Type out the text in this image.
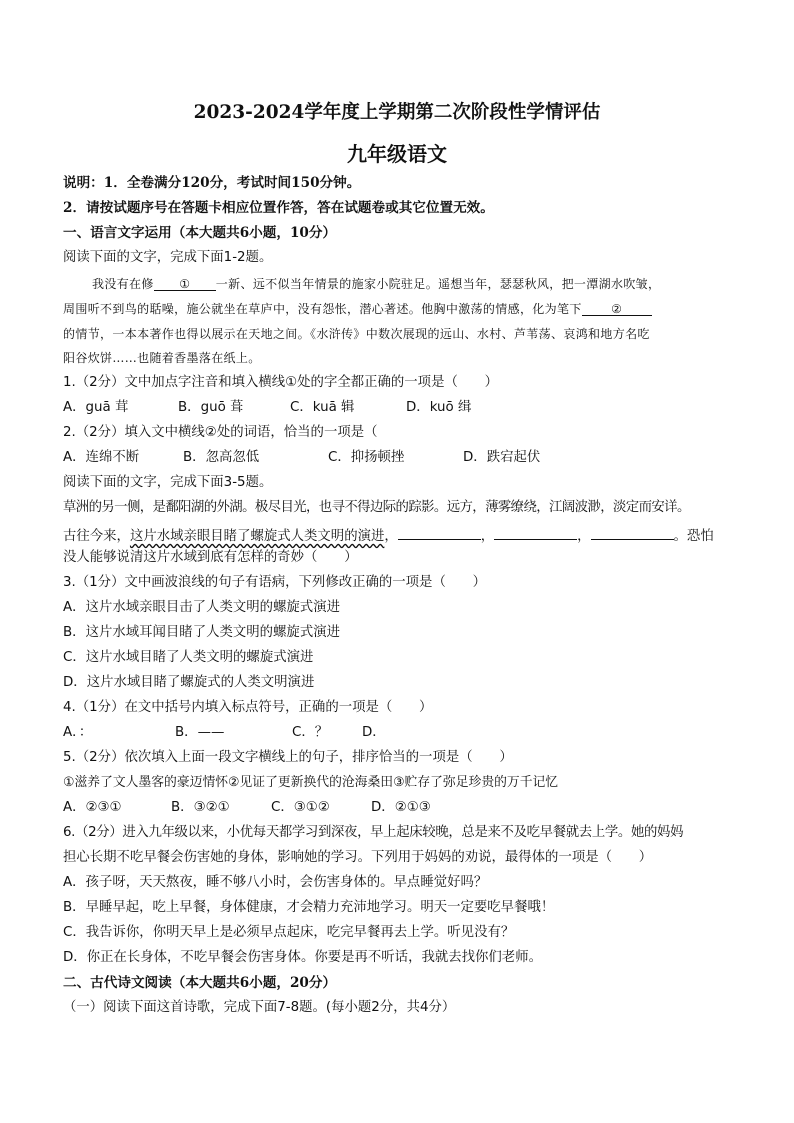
2023-2024学年度上学期第二次阶段性学情评估
九年级语文
说明：1．全卷满分120分，考试时间150分钟。
2．请按试题序号在答题卡相应位置作答，答在试题卷或其它位置无效。
一、语言文字运用（本大题共6小题，10分）
阅读下面的文字，完成下面1-2题。
我没有在修 ① 一新、远不似当年情景的施家小院驻足。遥想当年，瑟瑟秋风，把一潭湖水吹皱，
周围听不到鸟的聒噪，施公就坐在草庐中，没有怨怅，潜心著述。他胸中激荡的情感，化为笔下 ②
的情节，一本本著作也得以展示在天地之间。《水浒传》中数次展现的远山、水村、芦苇荡、哀鸿和地方名吃
阳谷炊饼……也随着香墨落在纸上。
1.（2分）文中加点字注音和填入横线①处的字全都正确的一项是（　　）
A．guā 茸	B．guō 葺	C．kuā 辑	D．kuō 缉
2.（2分）填入文中横线②处的词语，恰当的一项是（
A．连绵不断	B．忽高忽低	C．抑扬顿挫	D．跌宕起伏
阅读下面的文字，完成下面3-5题。
草洲的另一侧，是鄱阳湖的外湖。极尽目光，也寻不得边际的踪影。远方，薄雾缭绕，江阔波渺，淡定而安详。
古往今来，这片水域亲眼目睹了螺旋式人类文明的演进，	，	，	。恐怕
没人能够说清这片水域到底有怎样的奇妙（　　）
3.（1分）文中画波浪线的句子有语病，下列修改正确的一项是（　　）
A．这片水域亲眼目击了人类文明的螺旋式演进
B．这片水域耳闻目睹了人类文明的螺旋式演进
C．这片水域目睹了人类文明的螺旋式演进
D．这片水域目睹了螺旋式的人类文明演进
4.（1分）在文中括号内填入标点符号，正确的一项是（　　）
A．：	B．——	C．？	D．
5.（2分）依次填入上面一段文字横线上的句子，排序恰当的一项是（　　）
①滋养了文人墨客的豪迈情怀②见证了更新换代的沧海桑田③贮存了弥足珍贵的万千记忆
A．②③①	B．③②①	C．③①②	D．②①③
6.（2分）进入九年级以来，小优每天都学习到深夜，早上起床较晚，总是来不及吃早餐就去上学。她的妈妈
担心长期不吃早餐会伤害她的身体，影响她的学习。下列用于妈妈的劝说，最得体的一项是（　　）
A．孩子呀，天天熬夜，睡不够八小时，会伤害身体的。早点睡觉好吗？
B．早睡早起，吃上早餐，身体健康，才会精力充沛地学习。明天一定要吃早餐哦！
C．我告诉你，你明天早上是必须早点起床，吃完早餐再去上学。听见没有？
D．你正在长身体，不吃早餐会伤害身体。你要是再不听话，我就去找你们老师。
二、古代诗文阅读（本大题共6小题，20分）
（一）阅读下面这首诗歌，完成下面7-8题。(每小题2分，共4分）
